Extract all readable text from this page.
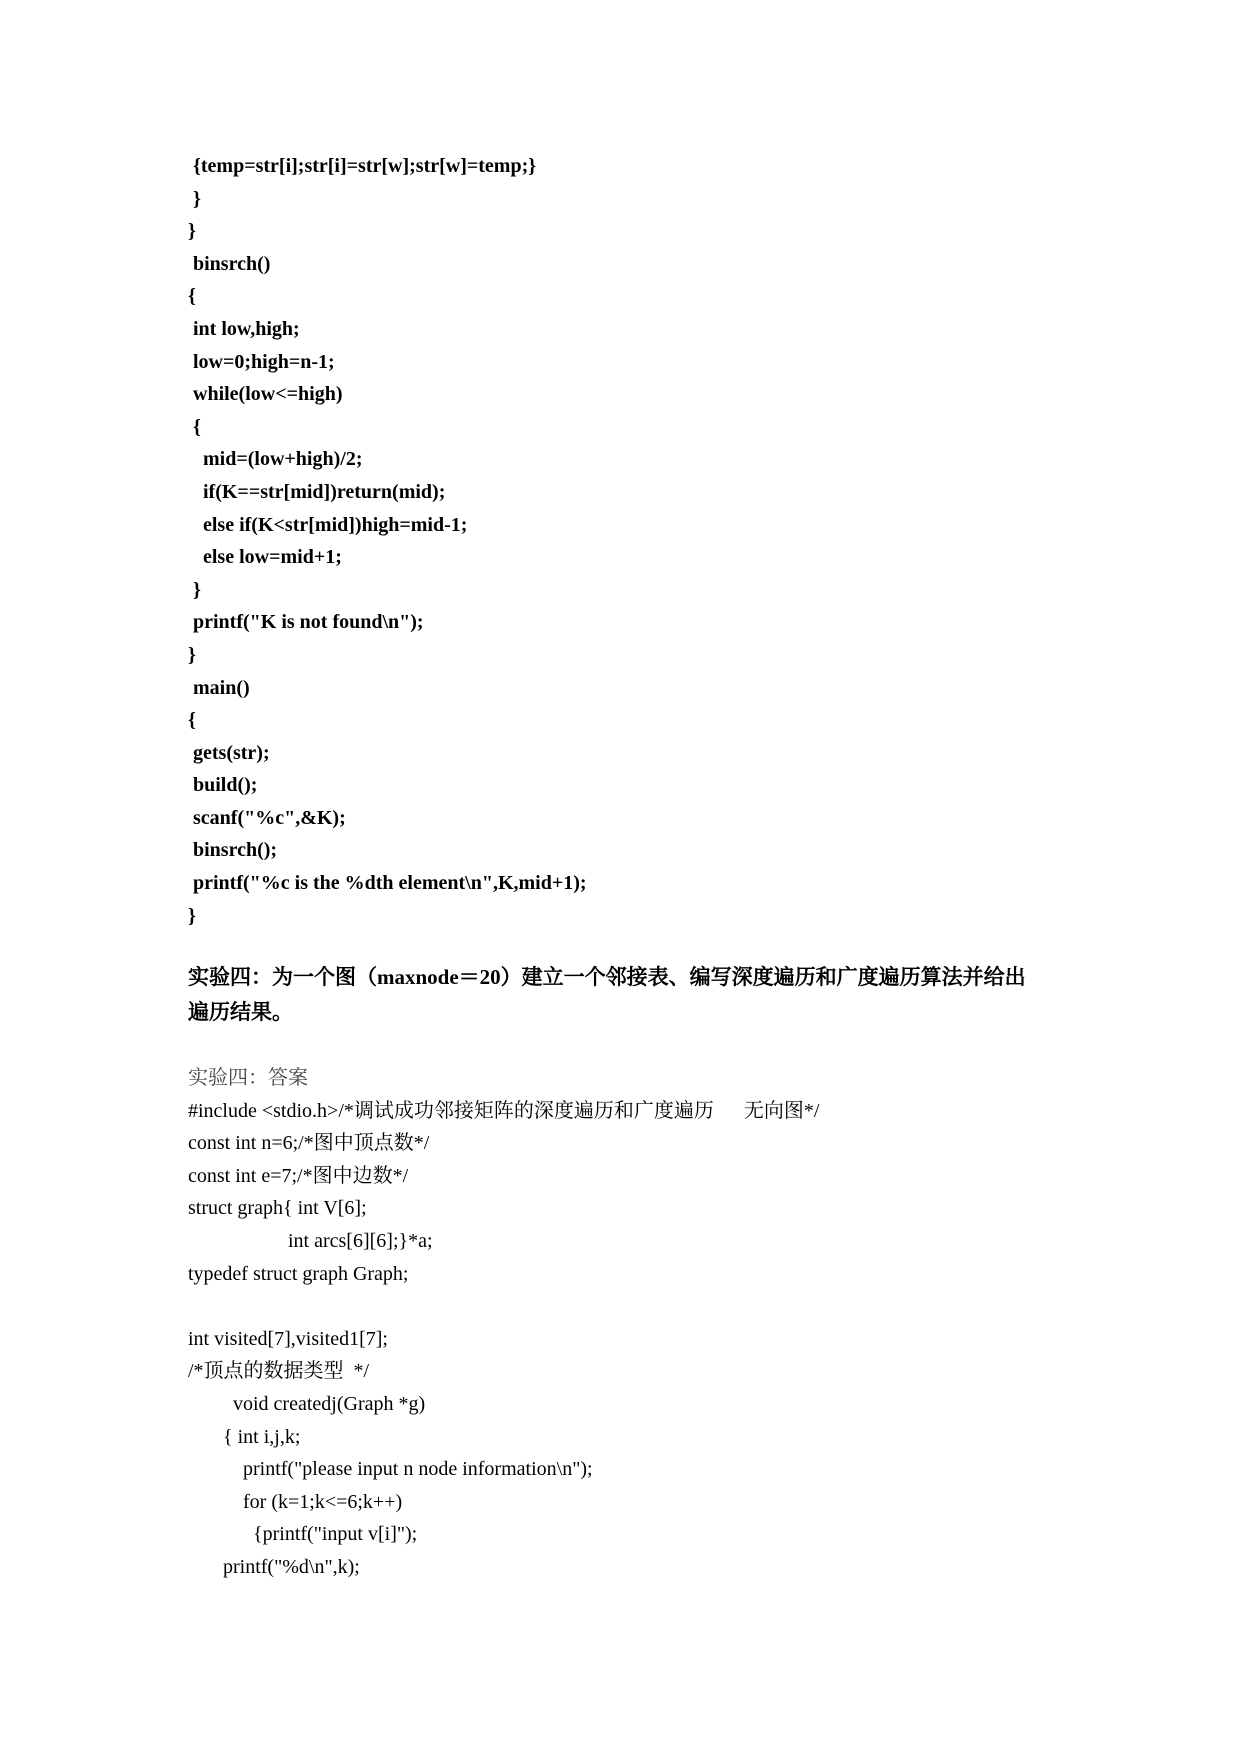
{temp=str[i];str[i]=str[w];str[w]=temp;}
}
}
binsrch()
{
int low,high;
low=0;high=n-1;
while(low<=high)
{
mid=(low+high)/2;
if(K==str[mid])return(mid);
else if(K<str[mid])high=mid-1;
else low=mid+1;
}
printf("K is not found\n");
}
main()
{
gets(str);
build();
scanf("%c",&K);
binsrch();
printf("%c is the %dth element\n",K,mid+1);
}
实验四：为一个图（maxnode＝20）建立一个邻接表、编写深度遍历和广度遍历算法并给出
遍历结果。
实验四：答案
#include <stdio.h>/*调试成功邻接矩阵的深度遍历和广度遍历      无向图*/
const int n=6;/*图中顶点数*/
const int e=7;/*图中边数*/
struct graph{ int V[6];
int arcs[6][6];}*a;
typedef struct graph Graph;
int visited[7],visited1[7];
/*顶点的数据类型  */
void createdj(Graph *g)
{ int i,j,k;
printf("please input n node information\n");
for (k=1;k<=6;k++)
{printf("input v[i]");
printf("%d\n",k);
